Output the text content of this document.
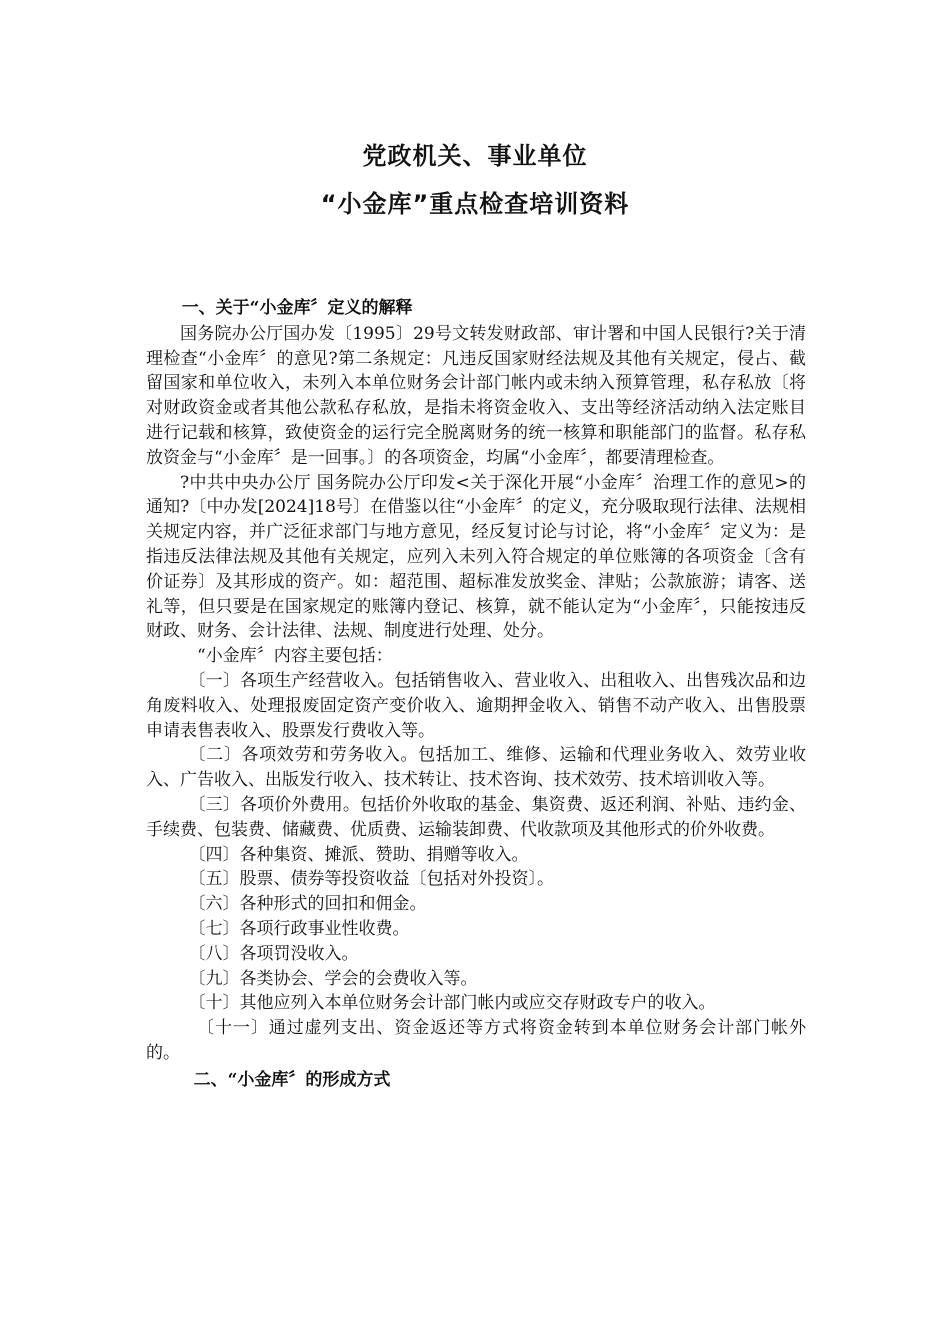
党政机关、事业单位
“小金库”重点检查培训资料

一、关于“小金库〞定义的解释

国务院办公厅国办发〔1995〕29号文转发财政部、审计署和中国人民银行?关于清理检查“小金库〞的意见?第二条规定：凡违反国家财经法规及其他有关规定，侵占、截留国家和单位收入，未列入本单位财务会计部门帐内或未纳入预算管理，私存私放〔将对财政资金或者其他公款私存私放，是指未将资金收入、支出等经济活动纳入法定账目进行记载和核算，致使资金的运行完全脱离财务的统一核算和职能部门的监督。私存私放资金与“小金库〞是一回事。〕的各项资金，均属“小金库〞，都要清理检查。

?中共中央办公厅 国务院办公厅印发<关于深化开展“小金库〞治理工作的意见>的通知?〔中办发[2024]18号〕在借鉴以往“小金库〞的定义，充分吸取现行法律、法规相关规定内容，并广泛征求部门与地方意见，经反复讨论与讨论，将“小金库〞定义为：是指违反法律法规及其他有关规定，应列入未列入符合规定的单位账簿的各项资金〔含有价证券〕及其形成的资产。如：超范围、超标准发放奖金、津贴；公款旅游；请客、送礼等，但只要是在国家规定的账簿内登记、核算，就不能认定为“小金库〞，只能按违反财政、财务、会计法律、法规、制度进行处理、处分。

“小金库〞内容主要包括：

〔一〕各项生产经营收入。包括销售收入、营业收入、出租收入、出售残次品和边角废料收入、处理报废固定资产变价收入、逾期押金收入、销售不动产收入、出售股票申请表售表收入、股票发行费收入等。

〔二〕各项效劳和劳务收入。包括加工、维修、运输和代理业务收入、效劳业收入、广告收入、出版发行收入、技术转让、技术咨询、技术效劳、技术培训收入等。

〔三〕各项价外费用。包括价外收取的基金、集资费、返还利润、补贴、违约金、手续费、包装费、储藏费、优质费、运输装卸费、代收款项及其他形式的价外收费。

〔四〕各种集资、摊派、赞助、捐赠等收入。

〔五〕股票、债券等投资收益〔包括对外投资〕。

〔六〕各种形式的回扣和佣金。

〔七〕各项行政事业性收费。

〔八〕各项罚没收入。

〔九〕各类协会、学会的会费收入等。

〔十〕其他应列入本单位财务会计部门帐内或应交存财政专户的收入。

〔十一〕通过虚列支出、资金返还等方式将资金转到本单位财务会计部门帐外的。

二、“小金库〞的形成方式
